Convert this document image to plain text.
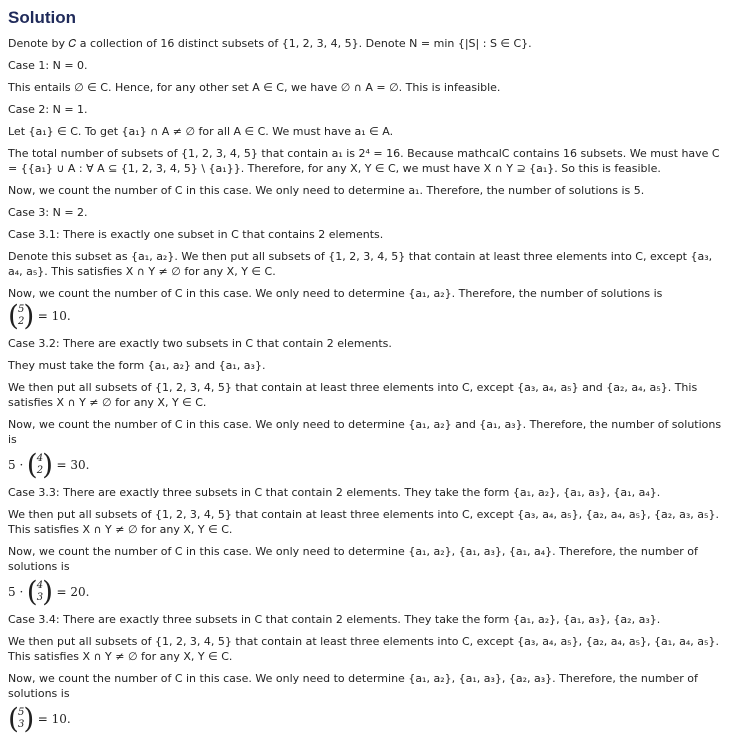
Solution

Denote by 𝐶 a collection of 16 distinct subsets of {1, 2, 3, 4, 5}. Denote N = min {|S| : S ∈ C}.

Case 1: N = 0.

This entails ∅ ∈ C. Hence, for any other set A ∈ C, we have ∅ ∩ A = ∅. This is infeasible.

Case 2: N = 1.

Let {a₁} ∈ C. To get {a₁} ∩ A ≠ ∅ for all A ∈ C. We must have a₁ ∈ A.

The total number of subsets of {1, 2, 3, 4, 5} that contain a₁ is 2⁴ = 16. Because mathcalC contains 16 subsets. We must have C = {{a₁} ∪ A : ∀ A ⊆ {1, 2, 3, 4, 5} \ {a₁}}. Therefore, for any X, Y ∈ C, we must have X ∩ Y ⊇ {a₁}. So this is feasible.

Now, we count the number of C in this case. We only need to determine a₁. Therefore, the number of solutions is 5.

Case 3: N = 2.

Case 3.1: There is exactly one subset in C that contains 2 elements.

Denote this subset as {a₁, a₂}. We then put all subsets of {1, 2, 3, 4, 5} that contain at least three elements into C, except {a₃, a₄, a₅}. This satisfies X ∩ Y ≠ ∅ for any X, Y ∈ C.

Now, we count the number of C in this case. We only need to determine {a₁, a₂}. Therefore, the number of solutions is (5
2) = 10.

Case 3.2: There are exactly two subsets in C that contain 2 elements.

They must take the form {a₁, a₂} and {a₁, a₃}.

We then put all subsets of {1, 2, 3, 4, 5} that contain at least three elements into C, except {a₃, a₄, a₅} and {a₂, a₄, a₅}. This satisfies X ∩ Y ≠ ∅ for any X, Y ∈ C.

Now, we count the number of C in this case. We only need to determine {a₁, a₂} and {a₁, a₃}. Therefore, the number of solutions is

5 · (4
2) = 30.

Case 3.3: There are exactly three subsets in C that contain 2 elements. They take the form {a₁, a₂}, {a₁, a₃}, {a₁, a₄}.

We then put all subsets of {1, 2, 3, 4, 5} that contain at least three elements into C, except {a₃, a₄, a₅}, {a₂, a₄, a₅}, {a₂, a₃, a₅}. This satisfies X ∩ Y ≠ ∅ for any X, Y ∈ C.

Now, we count the number of C in this case. We only need to determine {a₁, a₂}, {a₁, a₃}, {a₁, a₄}. Therefore, the number of solutions is

5 · (4
3) = 20.

Case 3.4: There are exactly three subsets in C that contain 2 elements. They take the form {a₁, a₂}, {a₁, a₃}, {a₂, a₃}.

We then put all subsets of {1, 2, 3, 4, 5} that contain at least three elements into C, except {a₃, a₄, a₅}, {a₂, a₄, a₅}, {a₁, a₄, a₅}. This satisfies X ∩ Y ≠ ∅ for any X, Y ∈ C.

Now, we count the number of C in this case. We only need to determine {a₁, a₂}, {a₁, a₃}, {a₂, a₃}. Therefore, the number of solutions is

(5
3) = 10.
